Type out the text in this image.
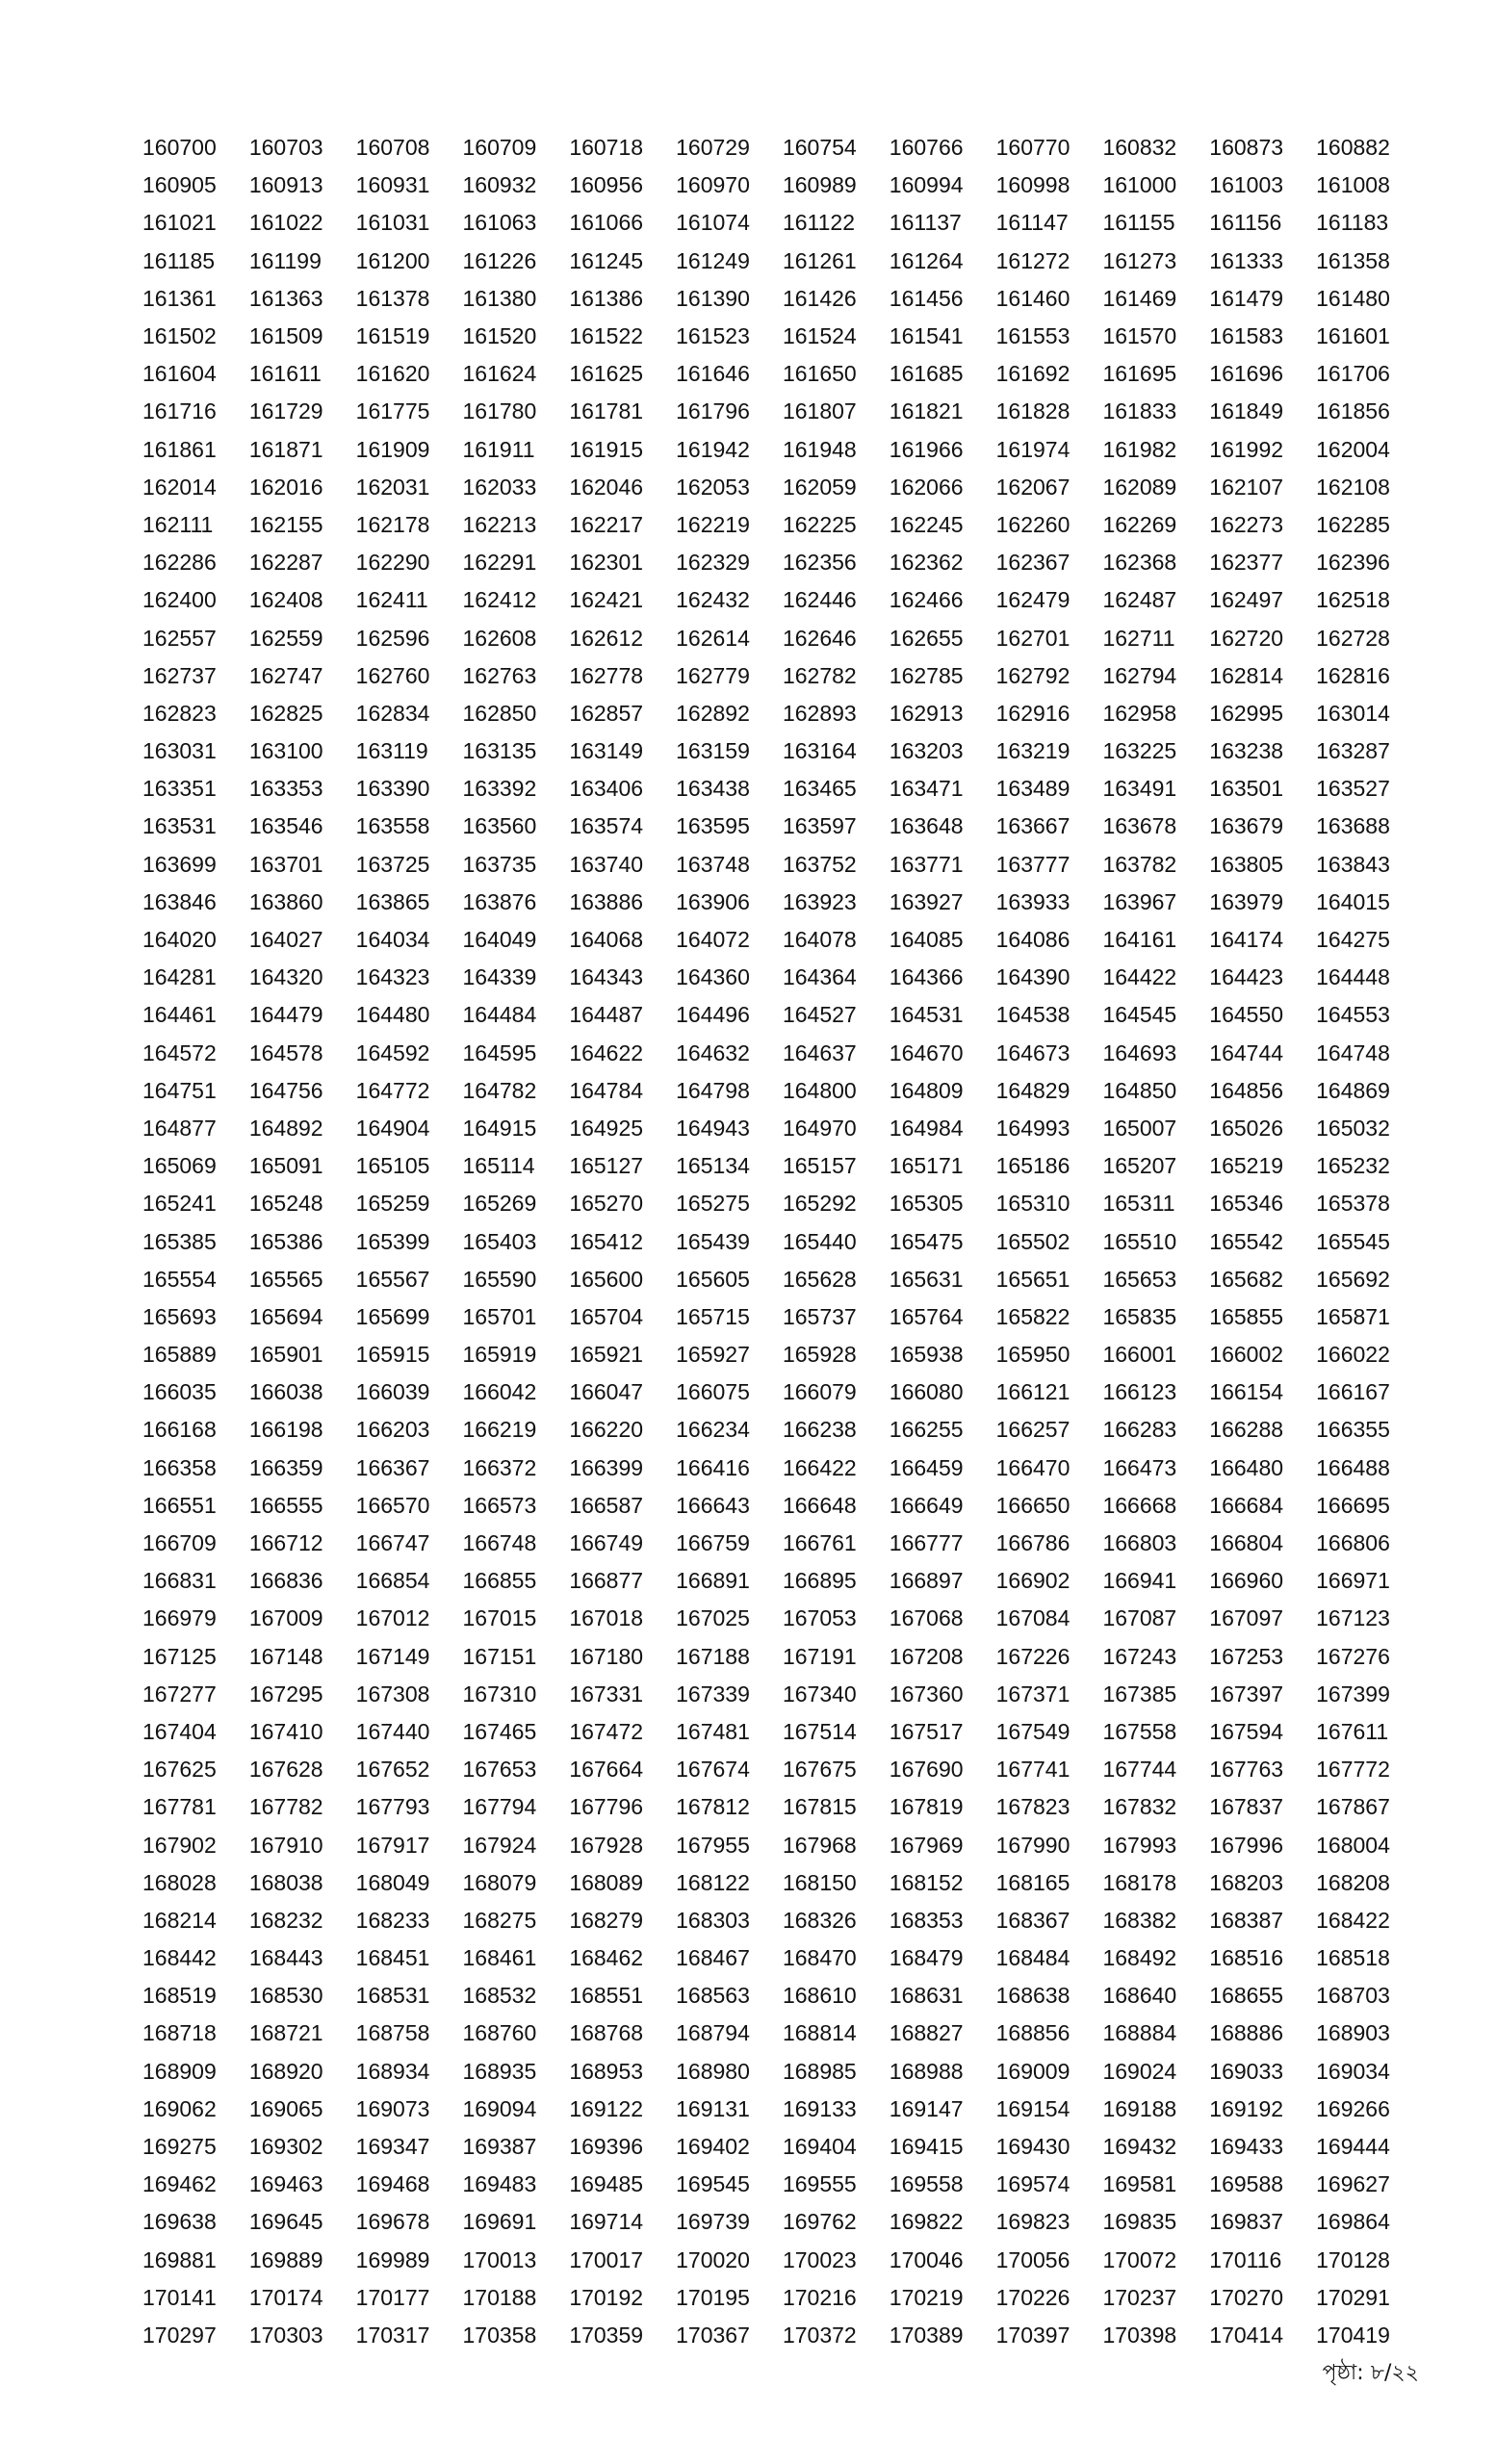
160700	160703	160708	160709	160718	160729	160754	160766	160770	160832	160873	160882
160905	160913	160931	160932	160956	160970	160989	160994	160998	161000	161003	161008
161021	161022	161031	161063	161066	161074	161122	161137	161147	161155	161156	161183
161185	161199	161200	161226	161245	161249	161261	161264	161272	161273	161333	161358
161361	161363	161378	161380	161386	161390	161426	161456	161460	161469	161479	161480
161502	161509	161519	161520	161522	161523	161524	161541	161553	161570	161583	161601
161604	161611	161620	161624	161625	161646	161650	161685	161692	161695	161696	161706
161716	161729	161775	161780	161781	161796	161807	161821	161828	161833	161849	161856
161861	161871	161909	161911	161915	161942	161948	161966	161974	161982	161992	162004
162014	162016	162031	162033	162046	162053	162059	162066	162067	162089	162107	162108
162111	162155	162178	162213	162217	162219	162225	162245	162260	162269	162273	162285
162286	162287	162290	162291	162301	162329	162356	162362	162367	162368	162377	162396
162400	162408	162411	162412	162421	162432	162446	162466	162479	162487	162497	162518
162557	162559	162596	162608	162612	162614	162646	162655	162701	162711	162720	162728
162737	162747	162760	162763	162778	162779	162782	162785	162792	162794	162814	162816
162823	162825	162834	162850	162857	162892	162893	162913	162916	162958	162995	163014
163031	163100	163119	163135	163149	163159	163164	163203	163219	163225	163238	163287
163351	163353	163390	163392	163406	163438	163465	163471	163489	163491	163501	163527
163531	163546	163558	163560	163574	163595	163597	163648	163667	163678	163679	163688
163699	163701	163725	163735	163740	163748	163752	163771	163777	163782	163805	163843
163846	163860	163865	163876	163886	163906	163923	163927	163933	163967	163979	164015
164020	164027	164034	164049	164068	164072	164078	164085	164086	164161	164174	164275
164281	164320	164323	164339	164343	164360	164364	164366	164390	164422	164423	164448
164461	164479	164480	164484	164487	164496	164527	164531	164538	164545	164550	164553
164572	164578	164592	164595	164622	164632	164637	164670	164673	164693	164744	164748
164751	164756	164772	164782	164784	164798	164800	164809	164829	164850	164856	164869
164877	164892	164904	164915	164925	164943	164970	164984	164993	165007	165026	165032
165069	165091	165105	165114	165127	165134	165157	165171	165186	165207	165219	165232
165241	165248	165259	165269	165270	165275	165292	165305	165310	165311	165346	165378
165385	165386	165399	165403	165412	165439	165440	165475	165502	165510	165542	165545
165554	165565	165567	165590	165600	165605	165628	165631	165651	165653	165682	165692
165693	165694	165699	165701	165704	165715	165737	165764	165822	165835	165855	165871
165889	165901	165915	165919	165921	165927	165928	165938	165950	166001	166002	166022
166035	166038	166039	166042	166047	166075	166079	166080	166121	166123	166154	166167
166168	166198	166203	166219	166220	166234	166238	166255	166257	166283	166288	166355
166358	166359	166367	166372	166399	166416	166422	166459	166470	166473	166480	166488
166551	166555	166570	166573	166587	166643	166648	166649	166650	166668	166684	166695
166709	166712	166747	166748	166749	166759	166761	166777	166786	166803	166804	166806
166831	166836	166854	166855	166877	166891	166895	166897	166902	166941	166960	166971
166979	167009	167012	167015	167018	167025	167053	167068	167084	167087	167097	167123
167125	167148	167149	167151	167180	167188	167191	167208	167226	167243	167253	167276
167277	167295	167308	167310	167331	167339	167340	167360	167371	167385	167397	167399
167404	167410	167440	167465	167472	167481	167514	167517	167549	167558	167594	167611
167625	167628	167652	167653	167664	167674	167675	167690	167741	167744	167763	167772
167781	167782	167793	167794	167796	167812	167815	167819	167823	167832	167837	167867
167902	167910	167917	167924	167928	167955	167968	167969	167990	167993	167996	168004
168028	168038	168049	168079	168089	168122	168150	168152	168165	168178	168203	168208
168214	168232	168233	168275	168279	168303	168326	168353	168367	168382	168387	168422
168442	168443	168451	168461	168462	168467	168470	168479	168484	168492	168516	168518
168519	168530	168531	168532	168551	168563	168610	168631	168638	168640	168655	168703
168718	168721	168758	168760	168768	168794	168814	168827	168856	168884	168886	168903
168909	168920	168934	168935	168953	168980	168985	168988	169009	169024	169033	169034
169062	169065	169073	169094	169122	169131	169133	169147	169154	169188	169192	169266
169275	169302	169347	169387	169396	169402	169404	169415	169430	169432	169433	169444
169462	169463	169468	169483	169485	169545	169555	169558	169574	169581	169588	169627
169638	169645	169678	169691	169714	169739	169762	169822	169823	169835	169837	169864
169881	169889	169989	170013	170017	170020	170023	170046	170056	170072	170116	170128
170141	170174	170177	170188	170192	170195	170216	170219	170226	170237	170270	170291
170297	170303	170317	170358	170359	170367	170372	170389	170397	170398	170414	170419
পৃষ্ঠা: ৮/২২
